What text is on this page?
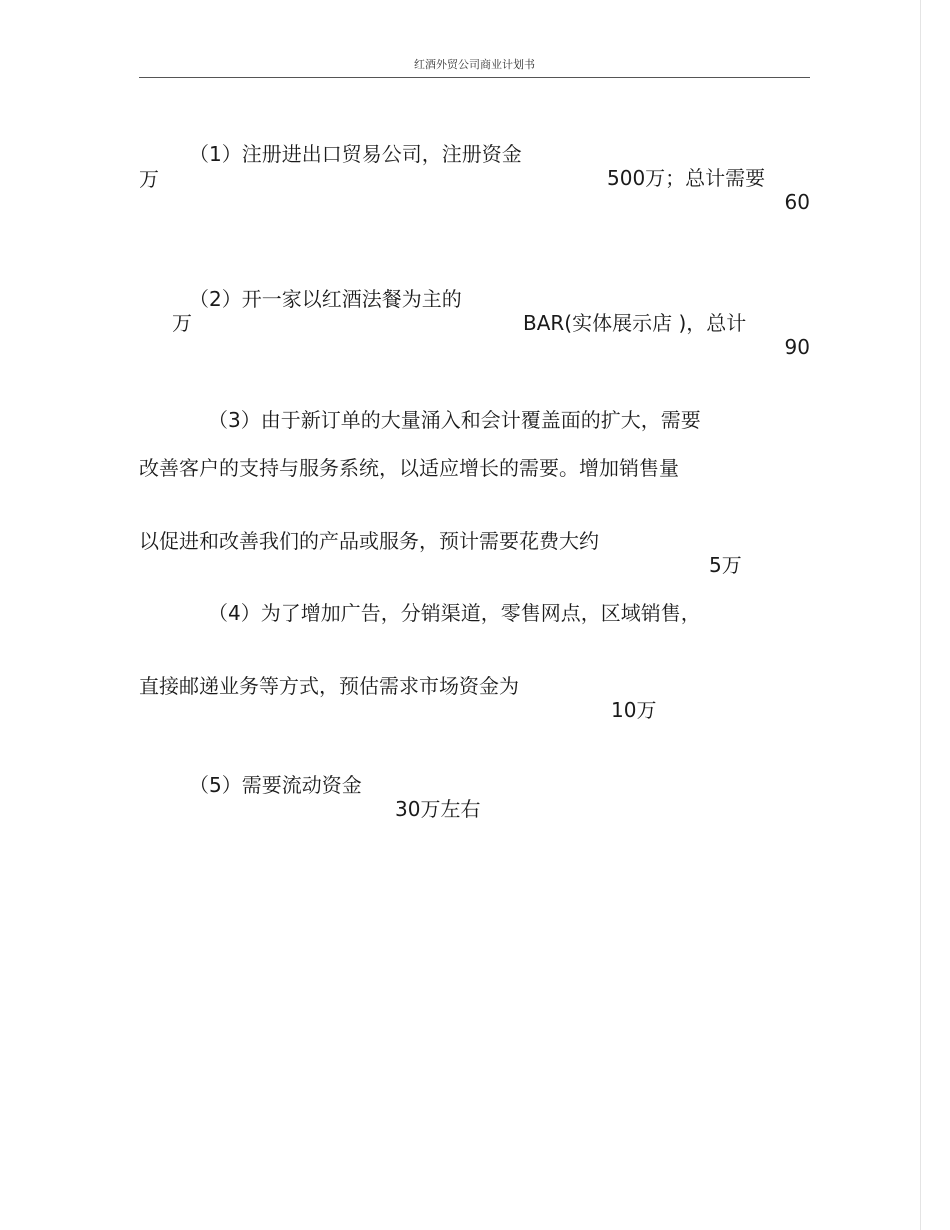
红酒外贸公司商业计划书

（1）注册进出口贸易公司，注册资金

500万；总计需要

60

万

（2）开一家以红酒法餐为主的

BAR(实体展示店 )，总计

90

万
（3）由于新订单的大量涌入和会计覆盖面的扩大，需要
改善客户的支持与服务系统，以适应增长的需要。增加销售量

以促进和改善我们的产品或服务，预计需要花费大约

5万

（4）为了增加广告，分销渠道，零售网点，区域销售，

直接邮递业务等方式，预估需求市场资金为

10万

（5）需要流动资金

30万左右
